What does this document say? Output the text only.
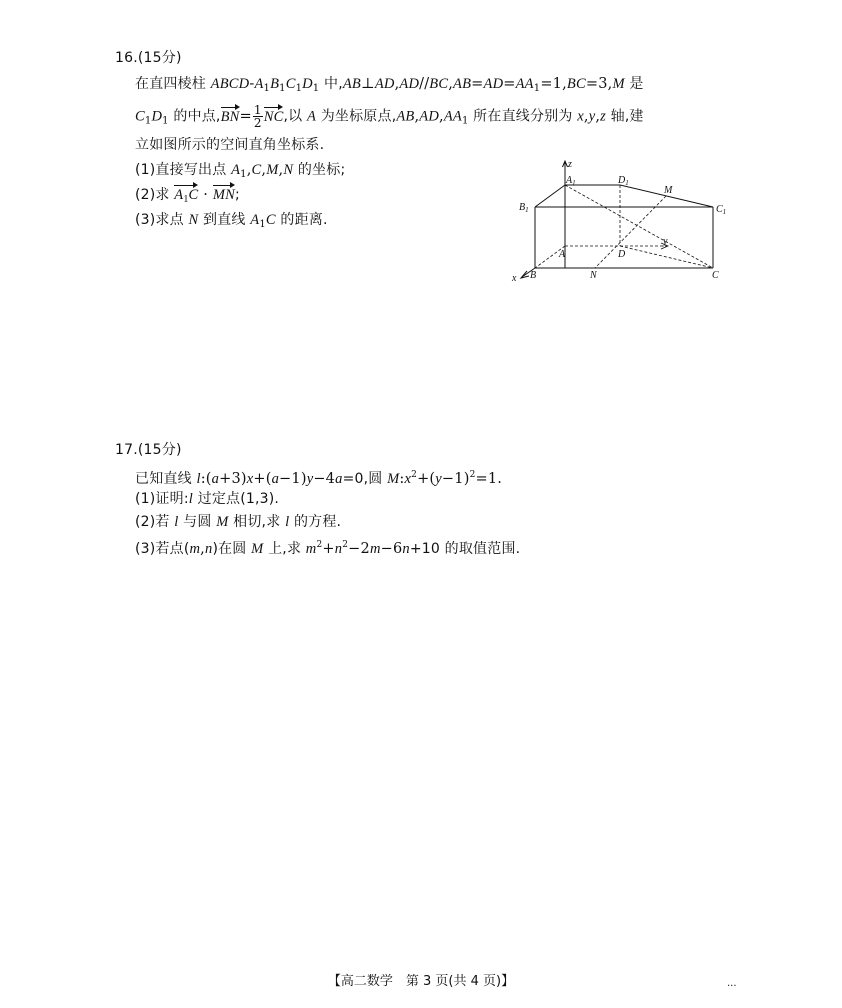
16.(15分)
在直四棱柱 ABCD-$A_1B_1C_1D_1$ 中$,AB\perp AD,AD//BC,AB=AD=AA_1=1,BC=3,M$ 是
$C_1D_1$ 的中点$,BN= \frac{1}{2}$ NC,以 A 为坐标原点$,AB,AD,AA_1$ 所在直线分别为 x,y,z 轴,建
立如图所示的空间直角坐标系.
(1)直接写出点 $A_1,C,M,N$ 的坐标;
(2)求 $A_1C$ · MN;
(3)求点 N 到直线 $A_1C$ 的距离.
z
$A_1$	$D_1$
M
$B_1$	$C_1$
A	D
y
x B	N	C
17.(15分)
已知直线 l:(a+3)x+(a−1)y−4a=0,圆 $M:x^2+(y-1)^2=1$.
(1)证明:l 过定点(1,3).
(2)若 l 与圆 M 相切,求 l 的方程.
(3)若点(m,n)在圆 M 上,求 $m^2+n^2-2m-6n+10$ 的取值范围.
【高二数学　第 3 页(共 4 页)】	...
